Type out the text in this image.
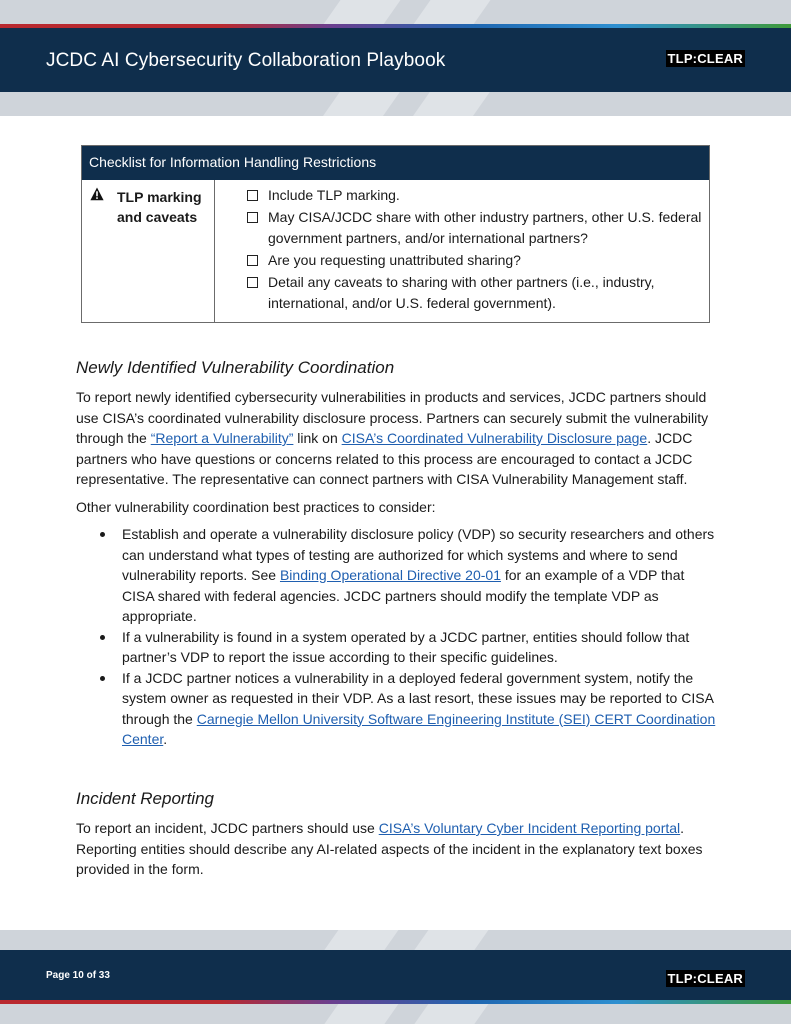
JCDC AI Cybersecurity Collaboration Playbook	TLP:CLEAR
Checklist for Information Handling Restrictions
TLP marking and caveats
Include TLP marking.
May CISA/JCDC share with other industry partners, other U.S. federal government partners, and/or international partners?
Are you requesting unattributed sharing?
Detail any caveats to sharing with other partners (i.e., industry, international, and/or U.S. federal government).
Newly Identified Vulnerability Coordination

To report newly identified cybersecurity vulnerabilities in products and services, JCDC partners should use CISA’s coordinated vulnerability disclosure process. Partners can securely submit the vulnerability through the “Report a Vulnerability” link on CISA’s Coordinated Vulnerability Disclosure page. JCDC partners who have questions or concerns related to this process are encouraged to contact a JCDC representative. The representative can connect partners with CISA Vulnerability Management staff.

Other vulnerability coordination best practices to consider:

Establish and operate a vulnerability disclosure policy (VDP) so security researchers and others can understand what types of testing are authorized for which systems and where to send vulnerability reports. See Binding Operational Directive 20-01 for an example of a VDP that CISA shared with federal agencies. JCDC partners should modify the template VDP as appropriate.
If a vulnerability is found in a system operated by a JCDC partner, entities should follow that partner’s VDP to report the issue according to their specific guidelines.
If a JCDC partner notices a vulnerability in a deployed federal government system, notify the system owner as requested in their VDP. As a last resort, these issues may be reported to CISA through the Carnegie Mellon University Software Engineering Institute (SEI) CERT Coordination Center.
Incident Reporting

To report an incident, JCDC partners should use CISA’s Voluntary Cyber Incident Reporting portal. Reporting entities should describe any AI-related aspects of the incident in the explanatory text boxes provided in the form.

Page 10 of 33	TLP:CLEAR
